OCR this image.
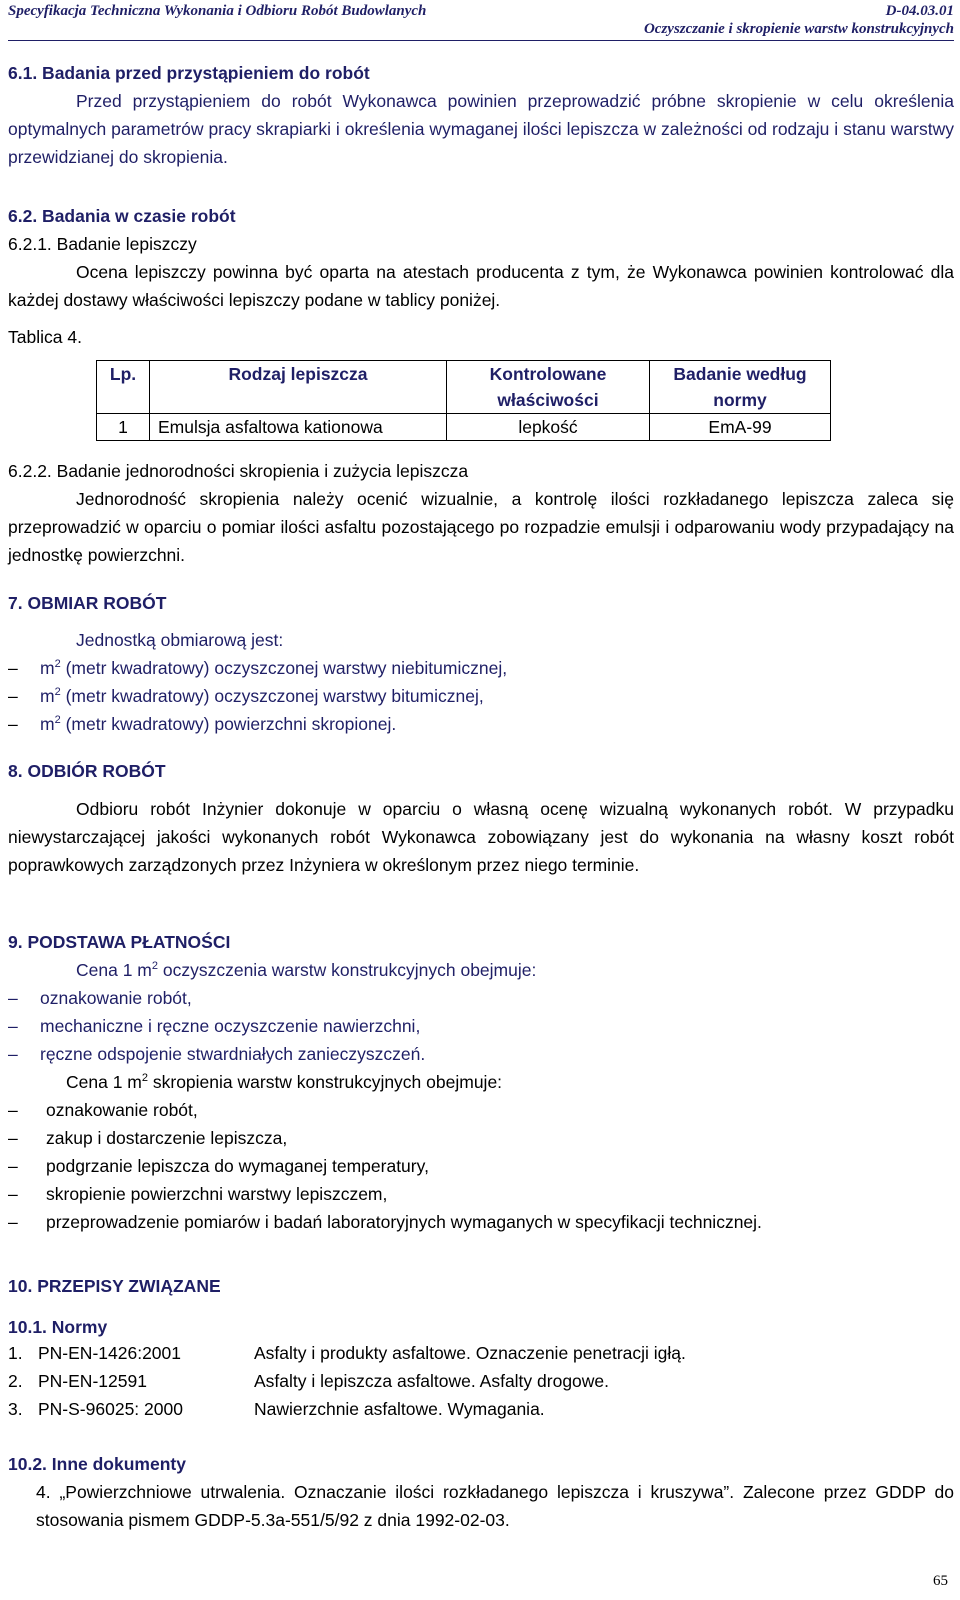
Specyfikacja Techniczna Wykonania i Odbioru Robót Budowlanych	D-04.03.01
Oczyszczanie i skropienie warstw konstrukcyjnych
6.1. Badania przed przystąpieniem do robót

Przed przystąpieniem do robót Wykonawca powinien przeprowadzić próbne skropienie w celu określenia optymalnych parametrów pracy skrapiarki i określenia wymaganej ilości lepiszcza w zależności od rodzaju i stanu warstwy przewidzianej do skropienia.

6.2. Badania w czasie robót
6.2.1. Badanie lepiszczy

Ocena lepiszczy powinna być oparta na atestach producenta z tym, że Wykonawca powinien kontrolować dla każdej dostawy właściwości lepiszczy podane w tablicy poniżej.

Tablica 4.
Lp.	Rodzaj lepiszcza	Kontrolowane właściwości	Badanie według normy
1	Emulsja asfaltowa kationowa	lepkość	EmA-99
6.2.2. Badanie jednorodności skropienia i zużycia lepiszcza

Jednorodność skropienia należy ocenić wizualnie, a kontrolę ilości rozkładanego lepiszcza zaleca się przeprowadzić w oparciu o pomiar ilości asfaltu pozostającego po rozpadzie emulsji i odparowaniu wody przypadający na jednostkę powierzchni.

7. OBMIAR ROBÓT
Jednostką obmiarową jest:
–	$m^2$ (metr kwadratowy) oczyszczonej warstwy niebitumicznej,
–	$m^2$ (metr kwadratowy) oczyszczonej warstwy bitumicznej,
–	$m^2$ (metr kwadratowy) powierzchni skropionej.
8. ODBIÓR ROBÓT

Odbioru robót Inżynier dokonuje w oparciu o własną ocenę wizualną wykonanych robót. W przypadku niewystarczającej jakości wykonanych robót Wykonawca zobowiązany jest do wykonania na własny koszt robót poprawkowych zarządzonych przez Inżyniera w określonym przez niego terminie.

9. PODSTAWA PŁATNOŚCI
Cena 1 $m^2$ oczyszczenia warstw konstrukcyjnych obejmuje:
–	oznakowanie robót,
–	mechaniczne i ręczne oczyszczenie nawierzchni,
–	ręczne odspojenie stwardniałych zanieczyszczeń.
Cena 1 $m^2$ skropienia warstw konstrukcyjnych obejmuje:
–	oznakowanie robót,
–	zakup i dostarczenie lepiszcza,
–	podgrzanie lepiszcza do wymaganej temperatury,
–	skropienie powierzchni warstwy lepiszczem,
–	przeprowadzenie pomiarów i badań laboratoryjnych wymaganych w specyfikacji technicznej.
10. PRZEPISY ZWIĄZANE
10.1. Normy
1. PN-EN-1426:2001	Asfalty i produkty asfaltowe. Oznaczenie penetracji igłą.
2. PN-EN-12591	Asfalty i lepiszcza asfaltowe. Asfalty drogowe.
3. PN-S-96025: 2000	Nawierzchnie asfaltowe. Wymagania.
10.2. Inne dokumenty

4. „Powierzchniowe utrwalenia. Oznaczanie ilości rozkładanego lepiszcza i kruszywa”. Zalecone przez GDDP do stosowania pismem GDDP-5.3a-551/5/92 z dnia 1992-02-03.

65
